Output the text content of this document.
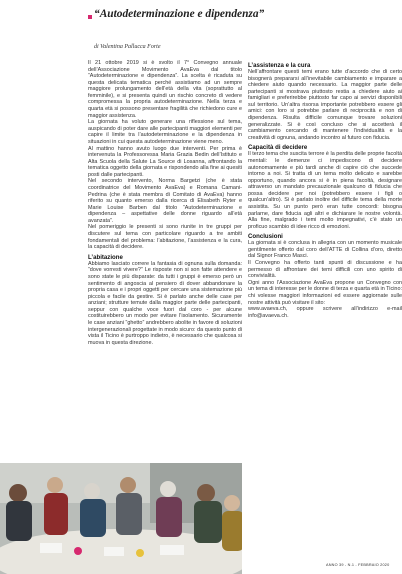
“Autodeterminazione e dipendenza”

di Valentina Pallucca Forte

Il 21 ottobre 2019 si è svolto il 7° Convegno annuale dell’Associazione Movimento AvaEva dal titolo “Autodeterminazione e dipendenza”. La scelta è ricaduta su questa delicata tematica perché assistiamo ad un sempre maggiore prolungamento dell’età della vita (soprattutto al femminile), e si presenta quindi un rischio concreto di vedere compromessa la propria autodeterminazione. Nella terza e quarta età si possono presentare fragilità che richiedono cure e maggior assistenza.

La giornata ha voluto generare una riflessione sul tema, auspicando di poter dare alle partecipanti maggiori elementi per capire il limite tra l’autodeterminazione e la dipendenza in situazioni in cui questa autodeterminazione viene meno.

Al mattino hanno avuto luogo due interventi. Per prima è intervenuta la Professoressa Maria Grazia Bedin dell’Istituto e Alta Scuola della Salute La Source di Losanna, affrontando la tematica oggetto della giornata e rispondendo alla fine ai quesiti posti dalle partecipanti.

Nel secondo intervento, Norma Bargetzi (che è stata coordinatrice del Movimento AvaEva) e Romana Camani-Pedrina (che è stata membra di Comitato di AvaEva) hanno riferito su quanto emerso dalla ricerca di Elisabeth Ryter e Marie Louise Barben dal titolo “Autodeterminazione e dipendenza – aspettative delle donne riguardo all’età avanzata”.

Nel pomeriggio le presenti si sono riunite in tre gruppi per discutere sul tema con particolare riguardo a tre ambiti fondamentali del problema: l’abitazione, l’assistenza e la cura, la capacità di decidere.

L’abitazione

Abbiamo lasciato correre la fantasia di ognuna sulla domanda: “dove vorresti vivere?” Le risposte non si son fatte attendere e sono state le più disparate: da tutti i gruppi è emerso però un sentimento di angoscia al pensiero di dover abbandonare la propria casa e i propri oggetti per cercare una sistemazione più piccola e facile da gestire. Si è parlato anche delle case per anziani; strutture temute dalla maggior parte delle partecipanti, seppur con qualche voce fuori dal coro - per alcune costituirebbero un modo per evitare l’isolamento. Sicuramente le case anziani “ghetto” andrebbero abolite in favore di soluzioni intergenerazionali progettate in modo sicuro: da questo punto di vista il Ticino è purtroppo indietro, è necessario che qualcosa si muova in questa direzione.

L’assistenza e la cura

Nell’affrontare questi temi erano tutte d’accordo che di certo bisognerà prepararsi all’inevitabile cambiamento e imparare a chiedere aiuto quando necessario. La maggior parte delle partecipanti si mostrava piuttosto restia a chiedere aiuto ai famigliari e preferirebbe piuttosto far capo ai servizi disponibili sul territorio. Un’altra risorsa importante potrebbero essere gli amici: con loro si potrebbe parlare di reciprocità e non di dipendenza. Risulta difficile comunque trovare soluzioni generalizzate. Si è così concluso che si accetterà il cambiamento cercando di mantenere l’individualità e la creatività di ognuna, andando incontro al futuro con fiducia.

Capacità di decidere

Il terzo tema che suscita terrore è la perdita delle proprie facoltà mentali: le demenze ci impediscono di decidere autonomamente e più tardi anche di capire ciò che succede intorno a noi. Si tratta di un tema molto delicato e sarebbe opportuno, quando ancora si è in piena facoltà, designare attraverso un mandato precauzionale qualcuno di fiducia che possa decidere per noi (potrebbero essere i figli o qualcun’altro). Si è parlato inoltre del difficile tema della morte assistita. Su un punto però eran tutte concordi: bisogna parlarne, dare fiducia agli altri e dichiarare le nostre volontà. Alla fine, malgrado i temi molto impegnativi, c’è stato un proficuo scambio di idee ricco di emozioni.

Conclusioni

La giornata si è conclusa in allegria con un momento musicale gentilmente offerto dal coro dell’ATTE di Collina d’oro, diretto dal Signor Franco Masci.

Il Convegno ha offerto tanti spunti di discussione e ha permesso di affrontare dei temi difficili con uno spirito di convivialità.

Ogni anno l’Associazione AvaEva propone un Convegno con un tema di interesse per le donne di terza e quarta età in Ticino: chi volesse maggiori informazioni ed essere aggiornate sulle nostre attività può visitare il sito:

www.avaeva.ch, oppure scrivere all’indirizzo e-mail info@avaeva.ch.

ANNO 39 - N.1 - FEBBRAIO 2020
